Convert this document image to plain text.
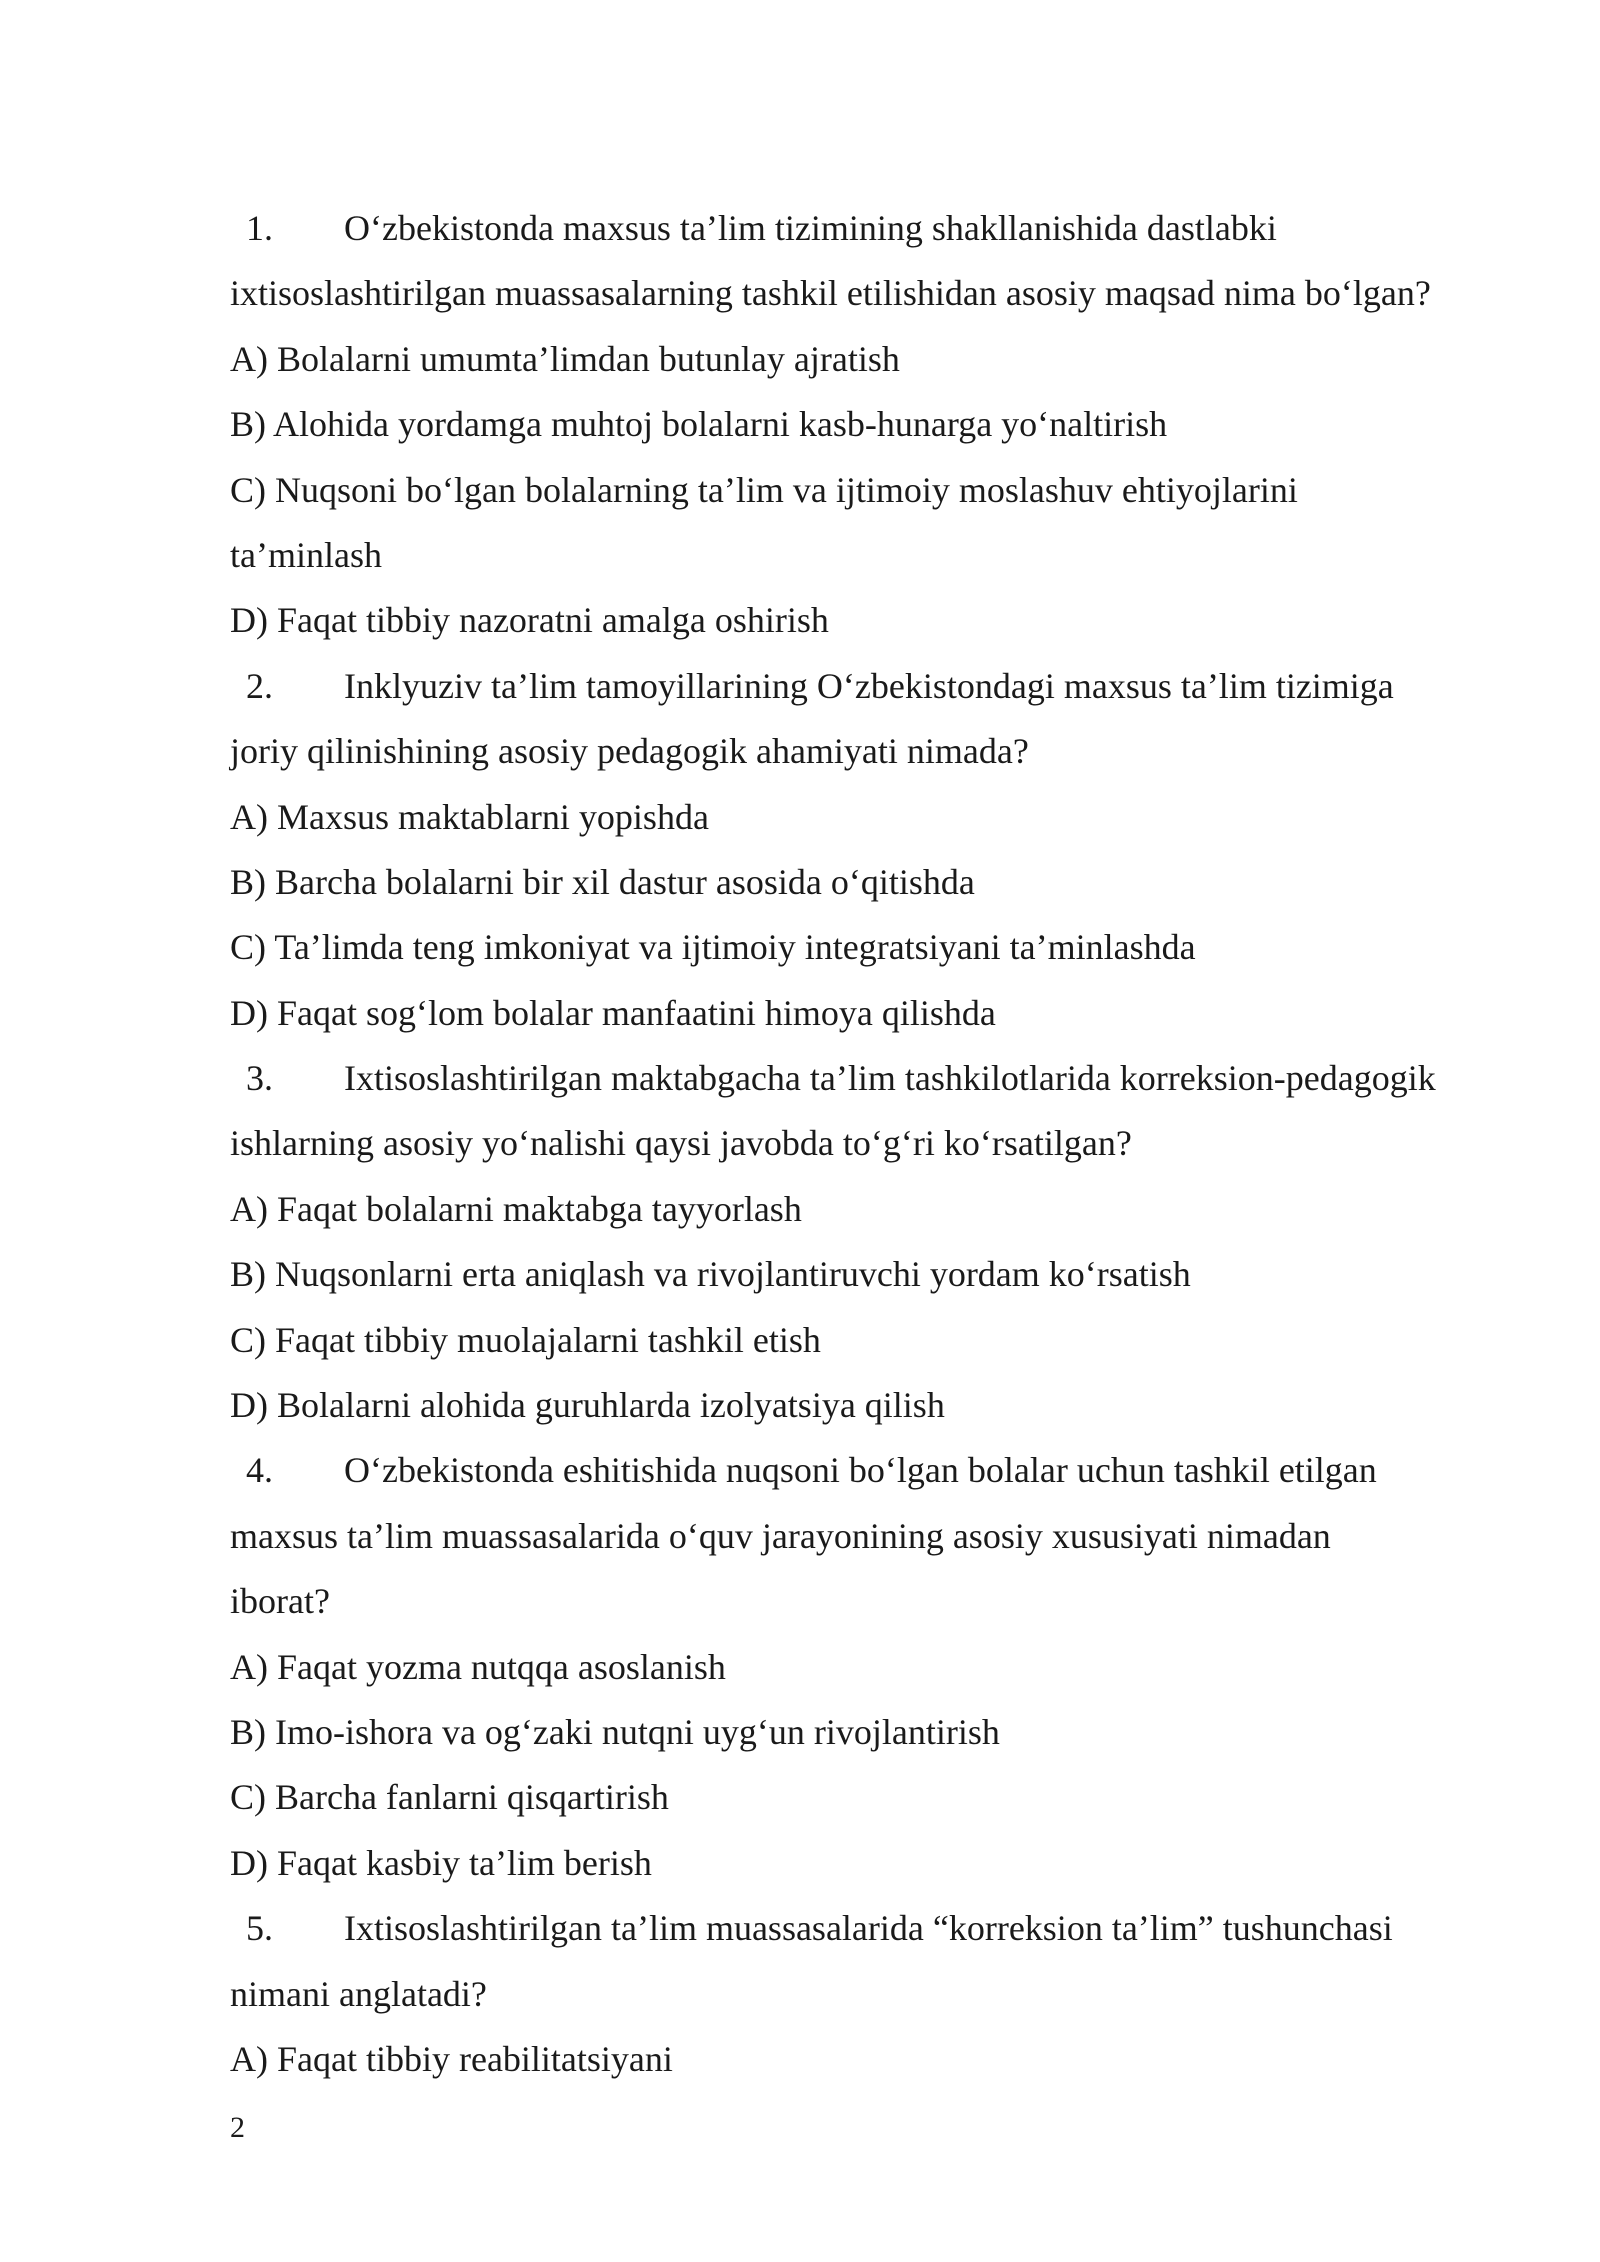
1. O‘zbekistonda maxsus ta’lim tizimining shakllanishida dastlabki
ixtisoslashtirilgan muassasalarning tashkil etilishidan asosiy maqsad nima bo‘lgan?
A) Bolalarni umumta’limdan butunlay ajratish
B) Alohida yordamga muhtoj bolalarni kasb-hunarga yo‘naltirish
C) Nuqsoni bo‘lgan bolalarning ta’lim va ijtimoiy moslashuv ehtiyojlarini
ta’minlash
D) Faqat tibbiy nazoratni amalga oshirish
2. Inklyuziv ta’lim tamoyillarining O‘zbekistondagi maxsus ta’lim tizimiga
joriy qilinishining asosiy pedagogik ahamiyati nimada?
A) Maxsus maktablarni yopishda
B) Barcha bolalarni bir xil dastur asosida o‘qitishda
C) Ta’limda teng imkoniyat va ijtimoiy integratsiyani ta’minlashda
D) Faqat sog‘lom bolalar manfaatini himoya qilishda
3. Ixtisoslashtirilgan maktabgacha ta’lim tashkilotlarida korreksion-pedagogik
ishlarning asosiy yo‘nalishi qaysi javobda to‘g‘ri ko‘rsatilgan?
A) Faqat bolalarni maktabga tayyorlash
B) Nuqsonlarni erta aniqlash va rivojlantiruvchi yordam ko‘rsatish
C) Faqat tibbiy muolajalarni tashkil etish
D) Bolalarni alohida guruhlarda izolyatsiya qilish
4. O‘zbekistonda eshitishida nuqsoni bo‘lgan bolalar uchun tashkil etilgan
maxsus ta’lim muassasalarida o‘quv jarayonining asosiy xususiyati nimadan
iborat?
A) Faqat yozma nutqqa asoslanish
B) Imo-ishora va og‘zaki nutqni uyg‘un rivojlantirish
C) Barcha fanlarni qisqartirish
D) Faqat kasbiy ta’lim berish
5. Ixtisoslashtirilgan ta’lim muassasalarida “korreksion ta’lim” tushunchasi
nimani anglatadi?
A) Faqat tibbiy reabilitatsiyani
2
